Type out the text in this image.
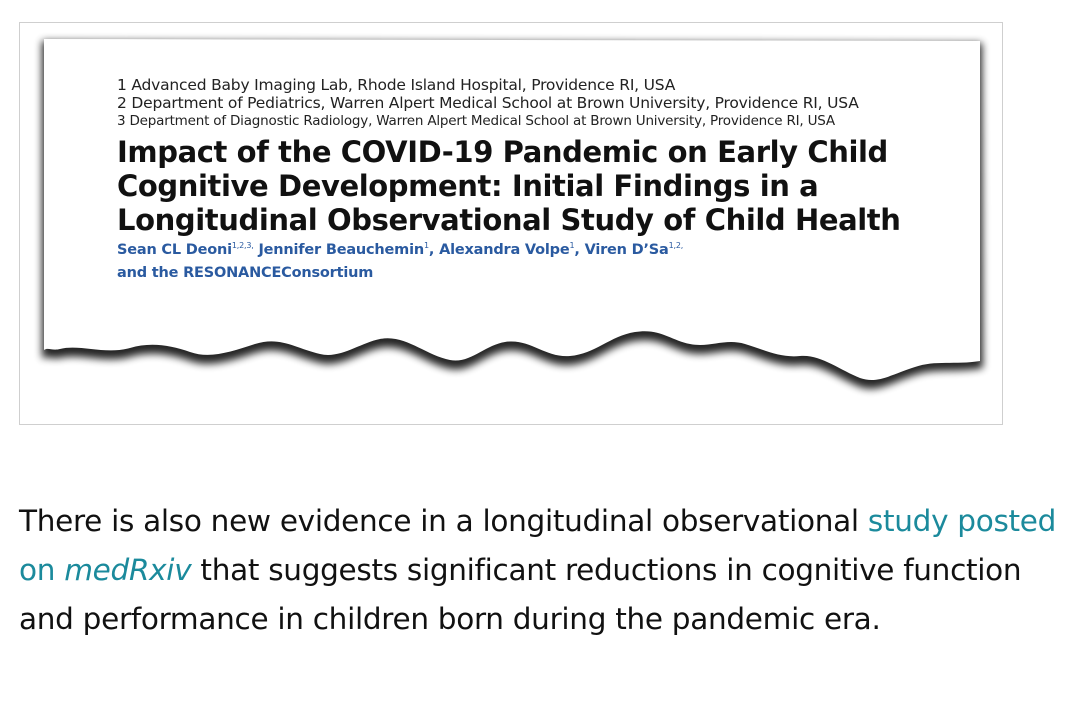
1 Advanced Baby Imaging Lab, Rhode Island Hospital, Providence RI, USA
2 Department of Pediatrics, Warren Alpert Medical School at Brown University, Providence RI, USA
3 Department of Diagnostic Radiology, Warren Alpert Medical School at Brown University, Providence RI, USA
Impact of the COVID-19 Pandemic on Early Child
Cognitive Development: Initial Findings in a
Longitudinal Observational Study of Child Health
Sean CL Deoni$^{1,2,3,}$ Jennifer Beauchemin$^1$, Alexandra Volpe$^1$, Viren $D’Sa^{1,2,}$
and the RESONANCEConsortium

There is also new evidence in a longitudinal observational study posted on medRxiv that suggests significant reductions in cognitive function and performance in children born during the pandemic era.
